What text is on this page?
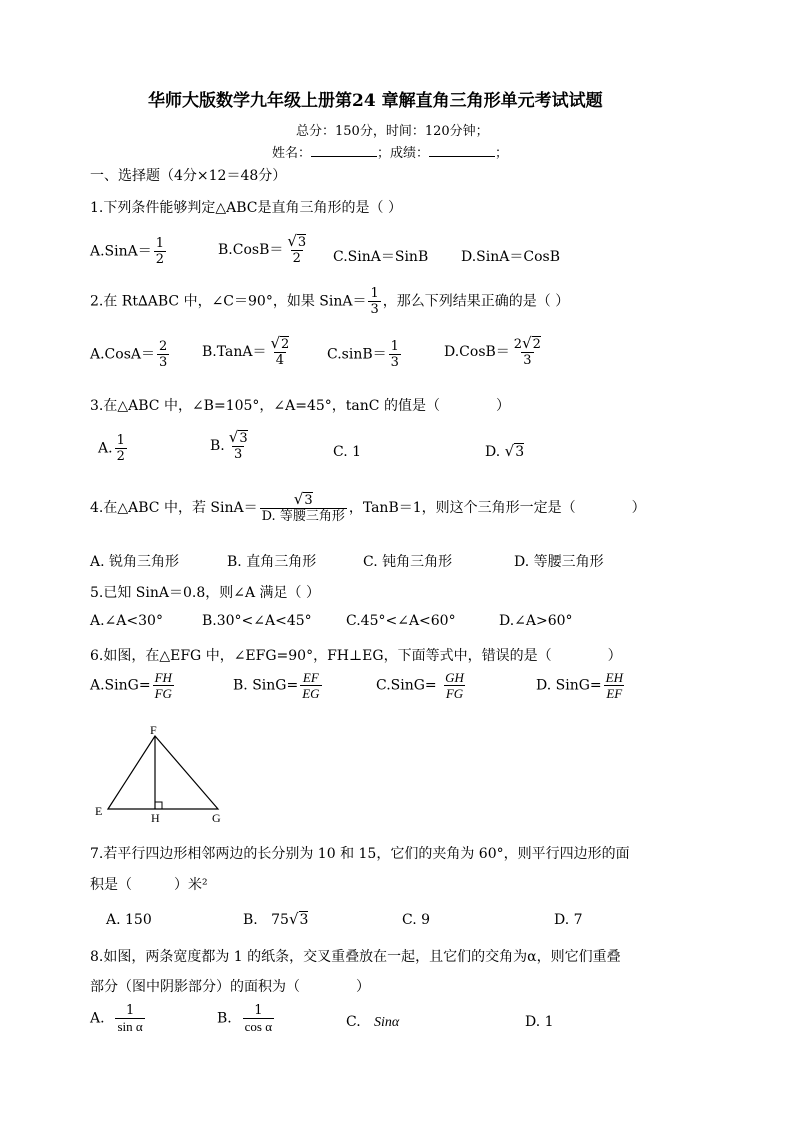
华师大版数学九年级上册第24 章解直角三角形单元考试试题
总分：150分，时间：120分钟；
姓名：	；成绩：	；
一、选择题（4分×12＝48分）
1.下列条件能够判定△ABC是直角三角形的是（ ）
A.SinA＝ $\frac{1}{2}$	B.CosB＝ $\frac{√3}{2}$ C.SinA＝SinB D.SinA＝CosB
2.在 Rt∆ABC 中，∠C＝90°，如果 SinA＝ $\frac{1}{3}$ ，那么下列结果正确的是（ ）
A.CosA＝ $\frac{2}{3}$ B.TanA＝ $\frac{√2}{4}$	$C.\sin B= \frac{1}{3}$	D.CosB＝ $\frac{2√2}{3}$
3.在△ABC 中，∠B=105°，∠A=45°，tanC 的值是（　　　　）
A. $\frac{1}{2}$	B. $\frac{√3}{3}$	C. 1	D. √3
4.在△ABC 中，若 SinA＝ $\frac{√3}{\text{D. 等腰三角形}}$ ，TanB＝1，则这个三角形一定是（　　　　）
A. 锐角三角形	B. 直角三角形	C. 钝角三角形	D. 等腰三角形
5.已知 SinA＝0.8，则∠A 满足（ ）
A.∠A<30°	B.30°<∠A<45° C.45°<∠A<60°	D.∠A>60°
6.如图，在△EFG 中，∠EFG=90°，FH⊥EG，下面等式中，错误的是（　　　　）
A.SinG= $\frac{FH}{FG}$	B. SinG= $\frac{EF}{EG}$	C.SinG= $\frac{GH}{FG}$	D. SinG= $\frac{EH}{EF}$
F
E	H	G
7.若平行四边形相邻两边的长分别为 10 和 15，它们的夹角为 60°，则平行四边形的面
积是（　　　）米²
A. 150	B. 75√3	C. 9	D. 7
8.如图，两条宽度都为 1 的纸条，交叉重叠放在一起，且它们的交角为α，则它们重叠
部分（图中阴影部分）的面积为（　　　　）
A. $\frac{1}{\text{sin α}}$	B. $\frac{1}{\text{cos α}}$	C. Sinα	D. 1
